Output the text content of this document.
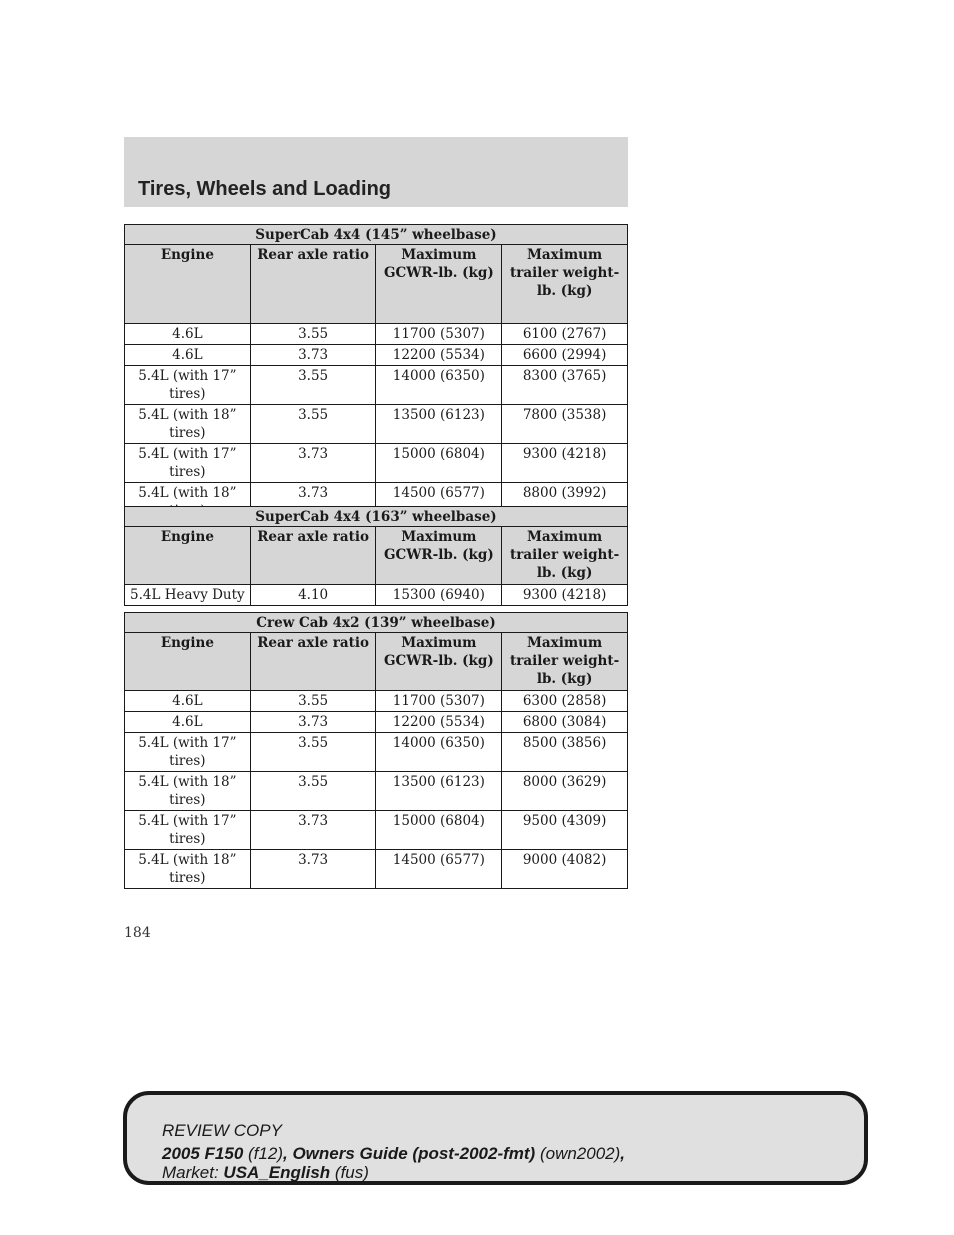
Tires, Wheels and Loading
SuperCab 4x4 (145” wheelbase)			
Engine	Rear axle ratio	Maximum GCWR-lb. (kg)	Maximum trailer weight-lb. (kg)
4.6L	3.55	11700 (5307)	6100 (2767)
4.6L	3.73	12200 (5534)	6600 (2994)
5.4L (with 17” tires)	3.55	14000 (6350)	8300 (3765)
5.4L (with 18” tires)	3.55	13500 (6123)	7800 (3538)
5.4L (with 17” tires)	3.73	15000 (6804)	9300 (4218)
5.4L (with 18”	3.73	14500 (6577)	8800 (3992)
SuperCab 4x4 (163” wheelbase)			
Engine	Rear axle ratio	Maximum GCWR-lb. (kg)	Maximum trailer weight-lb. (kg)
5.4L Heavy Duty	4.10	15300 (6940)	9300 (4218)
Crew Cab 4x2 (139” wheelbase)			
Engine	Rear axle ratio	Maximum GCWR-lb. (kg)	Maximum trailer weight-lb. (kg)
4.6L	3.55	11700 (5307)	6300 (2858)
4.6L	3.73	12200 (5534)	6800 (3084)
5.4L (with 17” tires)	3.55	14000 (6350)	8500 (3856)
5.4L (with 18” tires)	3.55	13500 (6123)	8000 (3629)
5.4L (with 17” tires)	3.73	15000 (6804)	9500 (4309)
5.4L (with 18” tires)	3.73	14500 (6577)	9000 (4082)
184
REVIEW COPY
2005 F150 (f12), Owners Guide (post-2002-fmt) (own2002),
Market: USA_English (fus)
